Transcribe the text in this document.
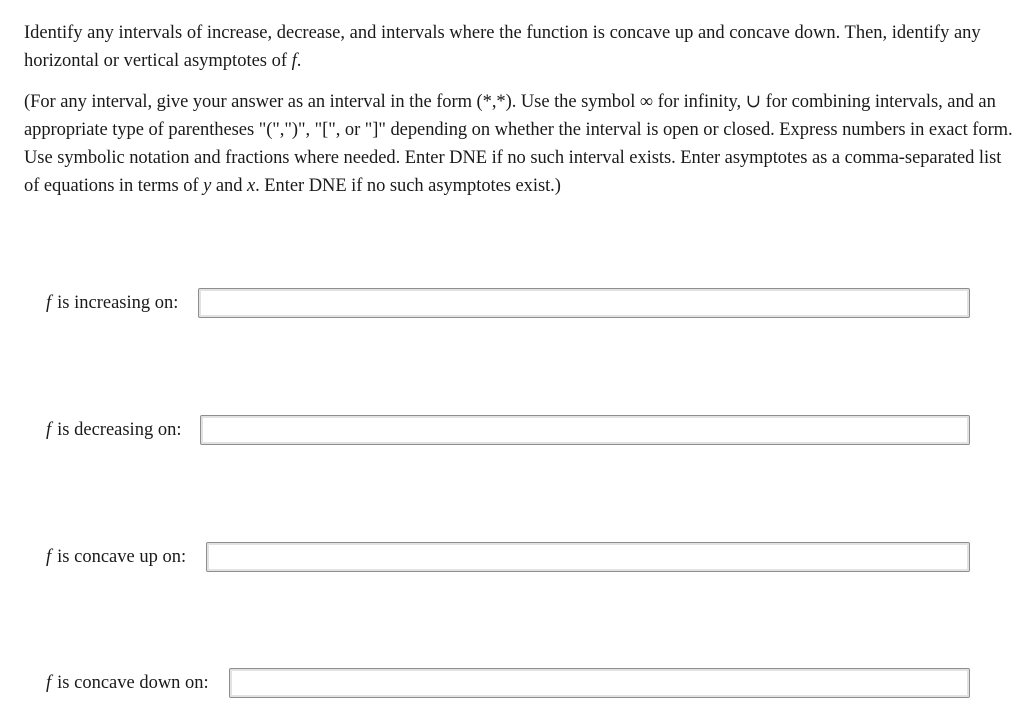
Identify any intervals of increase, decrease, and intervals where the function is concave up and concave down. Then, identify any horizontal or vertical asymptotes of f.

(For any interval, give your answer as an interval in the form (*,*). Use the symbol ∞ for infinity, ∪ for combining intervals, and an appropriate type of parentheses "(",")", "[", or "]" depending on whether the interval is open or closed. Express numbers in exact form. Use symbolic notation and fractions where needed. Enter DNE if no such interval exists. Enter asymptotes as a comma-separated list of equations in terms of y and x. Enter DNE if no such asymptotes exist.)

f is increasing on:
f is decreasing on:
f is concave up on:
f is concave down on:
